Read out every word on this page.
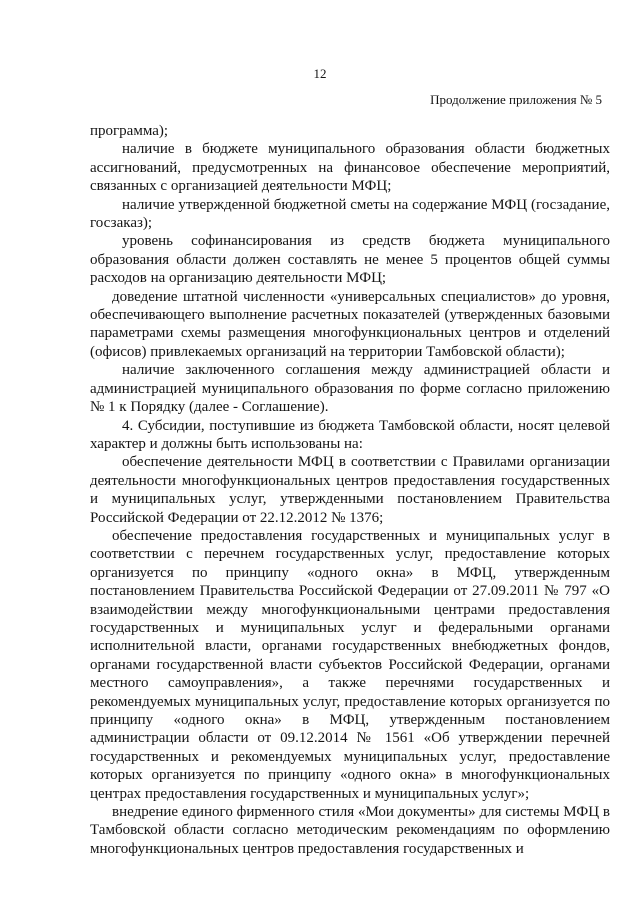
12
Продолжение приложения № 5

программа);

наличие в бюджете муниципального образования области бюджетных ассигнований, предусмотренных на финансовое обеспечение мероприятий, связанных с организацией деятельности МФЦ;

наличие утвержденной бюджетной сметы на содержание МФЦ (госзадание, госзаказ);

уровень софинансирования из средств бюджета муниципального образования области должен составлять не менее 5 процентов общей суммы расходов на организацию деятельности МФЦ;

доведение штатной численности «универсальных специалистов» до уровня, обеспечивающего выполнение расчетных показателей (утвержденных базовыми параметрами схемы размещения многофункциональных центров и отделений (офисов) привлекаемых организаций на территории Тамбовской области);

наличие заключенного соглашения между администрацией области и администрацией муниципального образования по форме согласно приложению № 1 к Порядку (далее - Соглашение).

4. Субсидии, поступившие из бюджета Тамбовской области, носят целевой характер и должны быть использованы на:

обеспечение деятельности МФЦ в соответствии с Правилами организации деятельности многофункциональных центров предоставления государственных и муниципальных услуг, утвержденными постановлением Правительства Российской Федерации от 22.12.2012 № 1376;

обеспечение предоставления государственных и муниципальных услуг в соответствии с перечнем государственных услуг, предоставление которых организуется по принципу «одного окна» в МФЦ, утвержденным постановлением Правительства Российской Федерации от 27.09.2011 № 797 «О взаимодействии между многофункциональными центрами предоставления государственных и муниципальных услуг и федеральными органами исполнительной власти, органами государственных внебюджетных фондов, органами государственной власти субъектов Российской Федерации, органами местного самоуправления», а также перечнями государственных и рекомендуемых муниципальных услуг, предоставление которых организуется по принципу «одного окна» в МФЦ, утвержденным постановлением администрации области от 09.12.2014 № 1561 «Об утверждении перечней государственных и рекомендуемых муниципальных услуг, предоставление которых организуется по принципу «одного окна» в многофункциональных центрах предоставления государственных и муниципальных услуг»;

внедрение единого фирменного стиля «Мои документы» для системы МФЦ в Тамбовской области согласно методическим рекомендациям по оформлению многофункциональных центров предоставления государственных и
